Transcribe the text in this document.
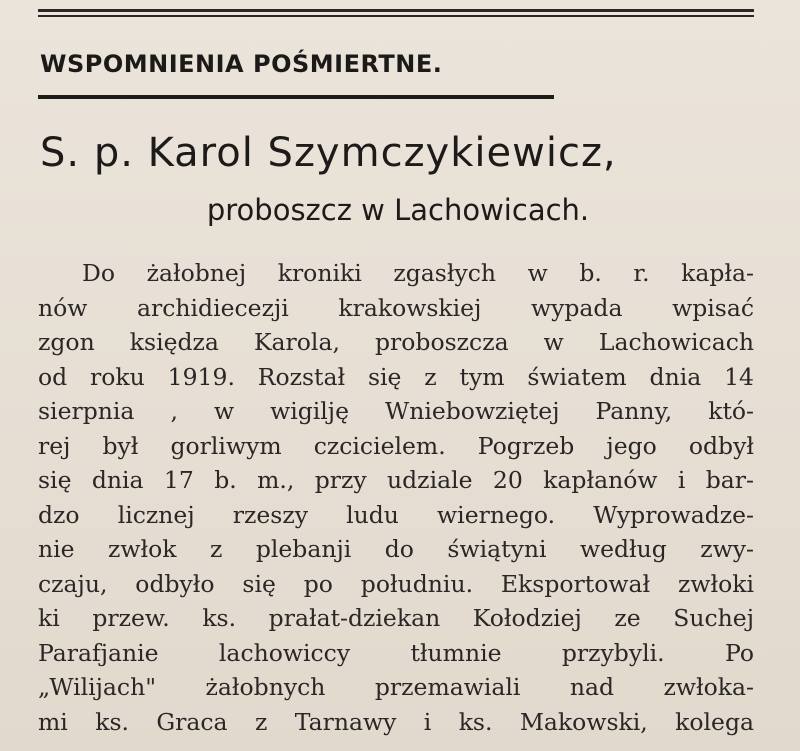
WSPOMNIENIA POŚMIERTNE.
S. p. Karol Szymczykiewicz,
proboszcz w Lachowicach.
Do żałobnej kroniki zgasłych w b. r. kapła-
nów archidiecezji krakowskiej wypada wpisać
zgon księdza Karola, proboszcza w Lachowicach
od roku 1919. Rozstał się z tym światem dnia 14
sierpnia , w wigilję Wniebowziętej Panny, któ-
rej był gorliwym czcicielem. Pogrzeb jego odbył
się dnia 17 b. m., przy udziale 20 kapłanów i bar-
dzo licznej rzeszy ludu wiernego. Wyprowadze-
nie zwłok z plebanji do świątyni według zwy-
czaju, odbyło się po południu. Eksportował zwłoki
ki przew. ks. prałat-dziekan Kołodziej ze Suchej
Parafjanie lachowiccy tłumnie przybyli. Po
„Wilijach" żałobnych przemawiali nad zwłoka-
mi ks. Graca z Tarnawy i ks. Makowski, kolega
